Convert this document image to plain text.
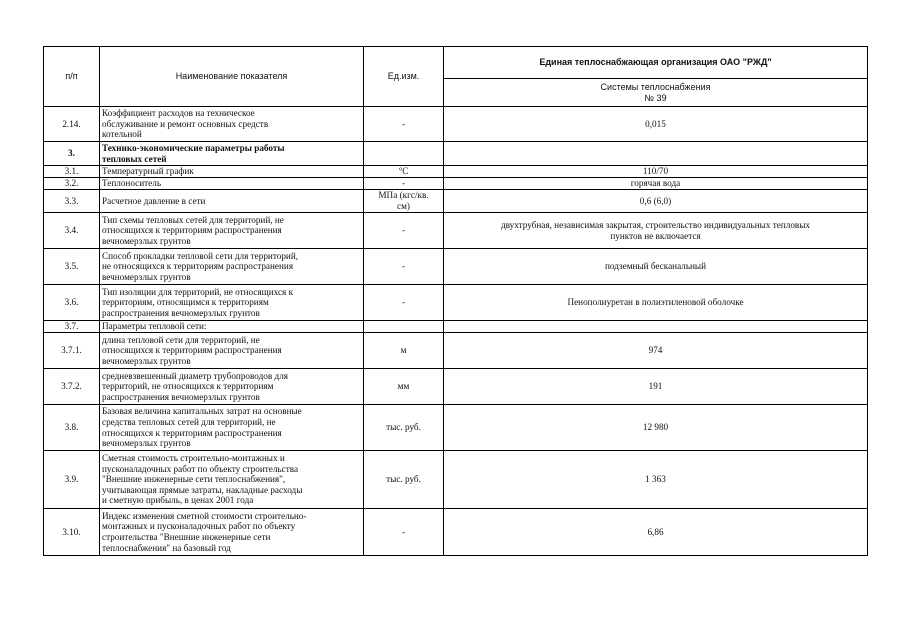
п/п	Наименование показателя	Ед.изм.	Единая теплоснабжающая организация ОАО "РЖД"

			Системы теплоснабжения
№ 39

2.14.	Коэффициент расходов на техническое
обслуживание и ремонт основных средств
котельной	-	0,015
3.	Технико-экономические параметры работы
тепловых сетей		
3.1.	Температурный график	°C	110/70
3.2.	Теплоноситель	-	горячая вода
3.3.	Расчетное давление в сети	МПа (кгс/кв.
см)	0,6 (6,0)
3.4.	Тип схемы тепловых сетей для территорий, не
относящихся к территориям распространения
вечномерзлых грунтов	-	двухтрубная, независимая закрытая, строительство индивидуальных тепловых
пунктов не включается
3.5.	Способ прокладки тепловой сети для территорий,
не относящихся к территориям распространения
вечномерзлых грунтов	-	подземный бесканальный
3.6.	Тип изоляции для территорий, не относящихся к
территориям, относящимся к территориям
распространения вечномерзлых грунтов	-	Пенополиуретан в полиэтиленовой оболочке
3.7.	Параметры тепловой сети:		
3.7.1.	длина тепловой сети для территорий, не
относящихся к территориям распространения
вечномерзлых грунтов	м	974
3.7.2.	средневзвешенный диаметр трубопроводов для
территорий, не относящихся к территориям
распространения вечномерзлых грунтов	мм	191
3.8.	Базовая величина капитальных затрат на основные
средства тепловых сетей для территорий, не
относящихся к территориям распространения
вечномерзлых грунтов	тыс. руб.	12 980
3.9.	Сметная стоимость строительно-монтажных и
пусконаладочных работ по объекту строительства
"Внешние инженерные сети теплоснабжения",
учитывающая прямые затраты, накладные расходы
и сметную прибыль, в ценах 2001 года	тыс. руб.	1 363
3.10.	Индекс изменения сметной стоимости строительно-
монтажных и пусконаладочных работ по объекту
строительства "Внешние инженерные сети
теплоснабжения" на базовый год	-	6,86
